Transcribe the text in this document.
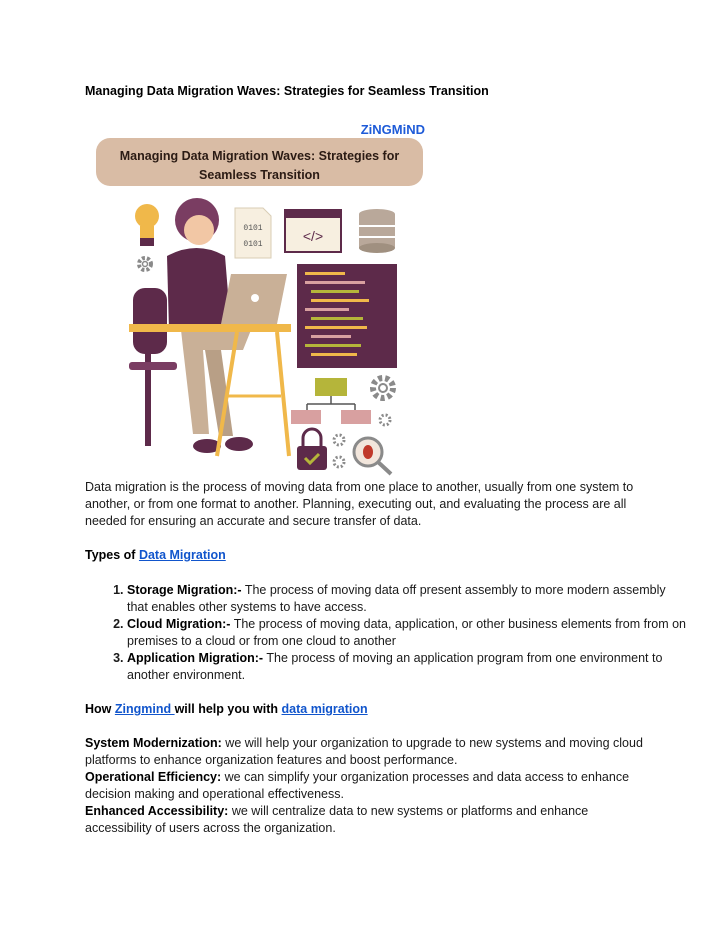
Managing Data Migration Waves: Strategies for Seamless Transition
ZiNGMiND
Managing Data Migration Waves: Strategies for
Seamless Transition
0101
0101
</>

Data migration is the process of moving data from one place to another, usually from one system to another, or from one format to another. Planning, executing out, and evaluating the process are all needed for ensuring an accurate and secure transfer of data.

Types of Data Migration

1. Storage Migration:- The process of moving data off present assembly to more modern assembly that enables other systems to have access.
2. Cloud Migration:- The process of moving data, application, or other business elements from from on premises to a cloud or from one cloud to another
3. Application Migration:- The process of moving an application program from one environment to another environment.

How Zingmind will help you with data migration

System Modernization: we will help your organization to upgrade to new systems and moving cloud platforms to enhance organization features and boost performance.
Operational Efficiency: we can simplify your organization processes and data access to enhance decision making and operational effectiveness.
Enhanced Accessibility: we will centralize data to new systems or platforms and enhance accessibility of users across the organization.
